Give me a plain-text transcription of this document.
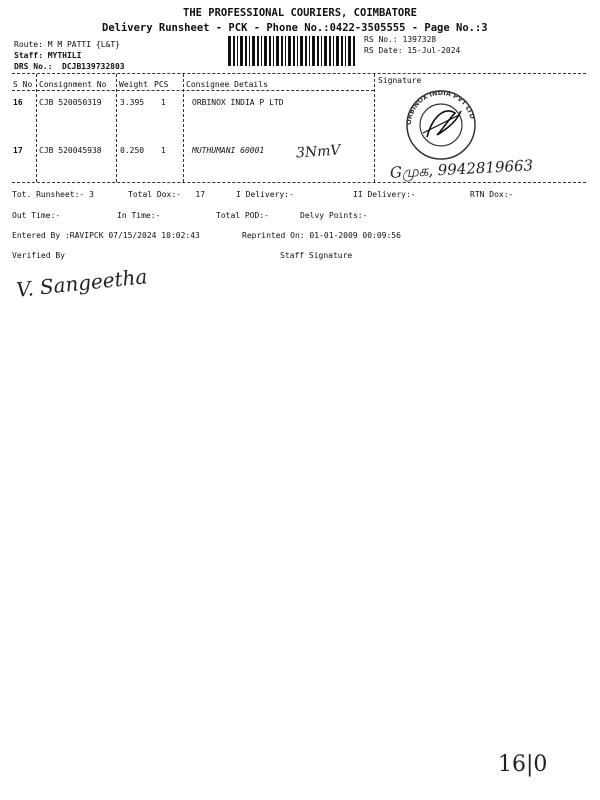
THE PROFESSIONAL COURIERS, COIMBATORE
Delivery Runsheet - PCK - Phone No.:0422-3505555 - Page No.:3
Route: M M PATTI {L&T}
Staff: MYTHILI
DRS No.: DCJB139732803
RS No.: 1397328
RS Date: 15-Jul-2024
S No Consignment No Weight PCS Consignee Details	Signature
16 CJB 520050319 3.395 1	ORBINOX INDIA P LTD
17 CJB 520045938 0.250 1	MUTHUMANI 60001 3NmV
ORBINOX INDIA PVT LTD
Gமுக, 9942819663
Tot. Runsheet:- 3	Total Dox:-   17	I Delivery:-	II Delivery:-	RTN Dox:-
Out Time:-	In Time:-	Total POD:-	Delvy Points:-
Entered By :RAVIPCK 07/15/2024 10:02:43	Reprinted On: 01-01-2009 00:09:56
Verified By	Staff Signature
V. Sangeetha
16|0
